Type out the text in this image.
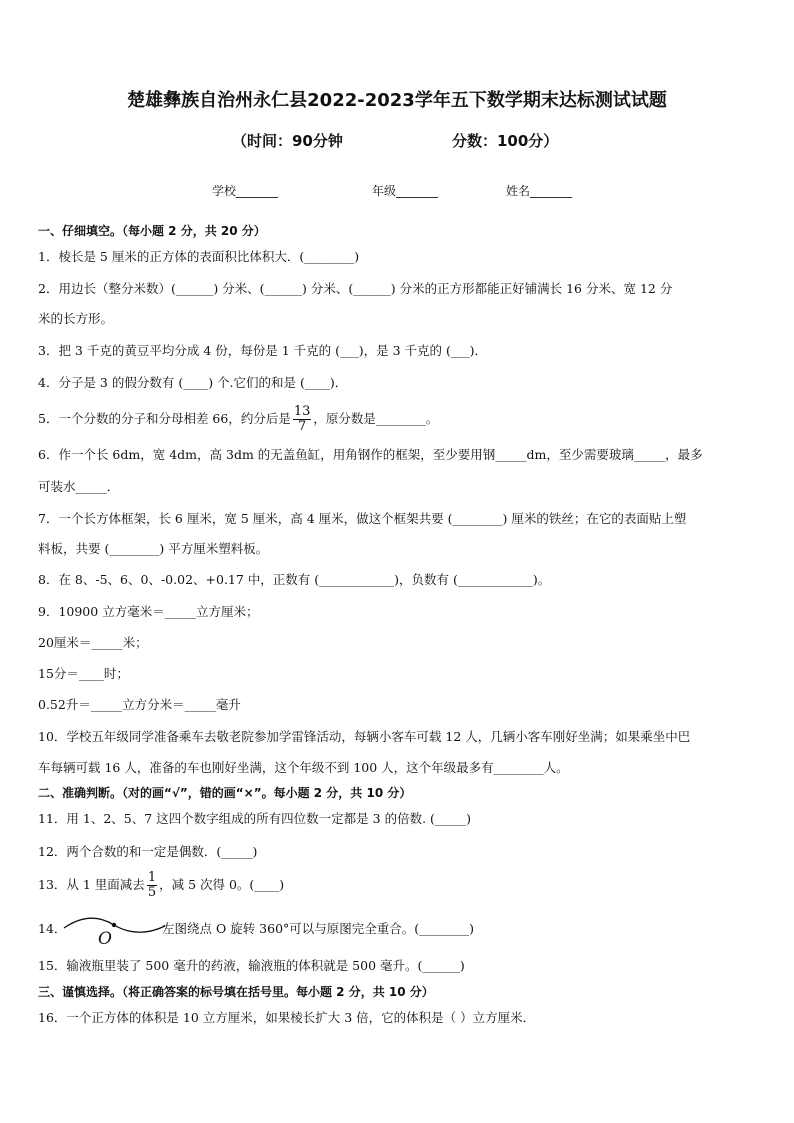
楚雄彝族自治州永仁县2022-2023学年五下数学期末达标测试试题
（时间：90分钟	分数：100分）
学校_______	年级_______	姓名_______
一、仔细填空。（每小题 2 分，共 20 分）
1．棱长是 5 厘米的正方体的表面积比体积大．(________)
2．用边长（整分米数）(______) 分米、(______) 分米、(______) 分米的正方形都能正好铺满长 16 分米、宽 12 分
米的长方形。
3．把 3 千克的黄豆平均分成 4 份，每份是 1 千克的 (___)，是 3 千克的 (___)．
4．分子是 3 的假分数有 (____) 个.它们的和是 (____)．
5．一个分数的分子和分母相差 66，约分后是 $\frac{13}{7}$ ，原分数是________。
6．作一个长 6dm，宽 4dm，高 3dm 的无盖鱼缸，用角钢作的框架，至少要用钢_____dm，至少需要玻璃_____，最多
可装水_____．
7．一个长方体框架，长 6 厘米，宽 5 厘米，高 4 厘米，做这个框架共要 (________) 厘米的铁丝；在它的表面贴上塑
料板，共要 (________) 平方厘米塑料板。
8．在 8、-5、6、0、-0.02、+0.17 中，正数有 (____________)，负数有 (____________)。
9．10900 立方毫米＝_____立方厘米；
20厘米＝_____米；
15分＝____时；
0.52升＝_____立方分米＝_____毫升
10．学校五年级同学准备乘车去敬老院参加学雷锋活动，每辆小客车可载 12 人，几辆小客车刚好坐满；如果乘坐中巴
车每辆可载 16 人，准备的车也刚好坐满，这个年级不到 100 人，这个年级最多有________人。
二、准确判断。（对的画“√”，错的画“×”。每小题 2 分，共 10 分）
11．用 1、2、5、7 这四个数字组成的所有四位数一定都是 3 的倍数. (_____)
12．两个合数的和一定是偶数．(_____)
13．从 1 里面减去 $\frac{1}{5}$ ，减 5 次得 0。(____)
14．
O
左图绕点 O 旋转 360°可以与原图完全重合。(________)
15．输液瓶里装了 500 毫升的药液，输液瓶的体积就是 500 毫升。(______)
三、谨慎选择。（将正确答案的标号填在括号里。每小题 2 分，共 10 分）
16．一个正方体的体积是 10 立方厘米，如果棱长扩大 3 倍，它的体积是（ ）立方厘米．
